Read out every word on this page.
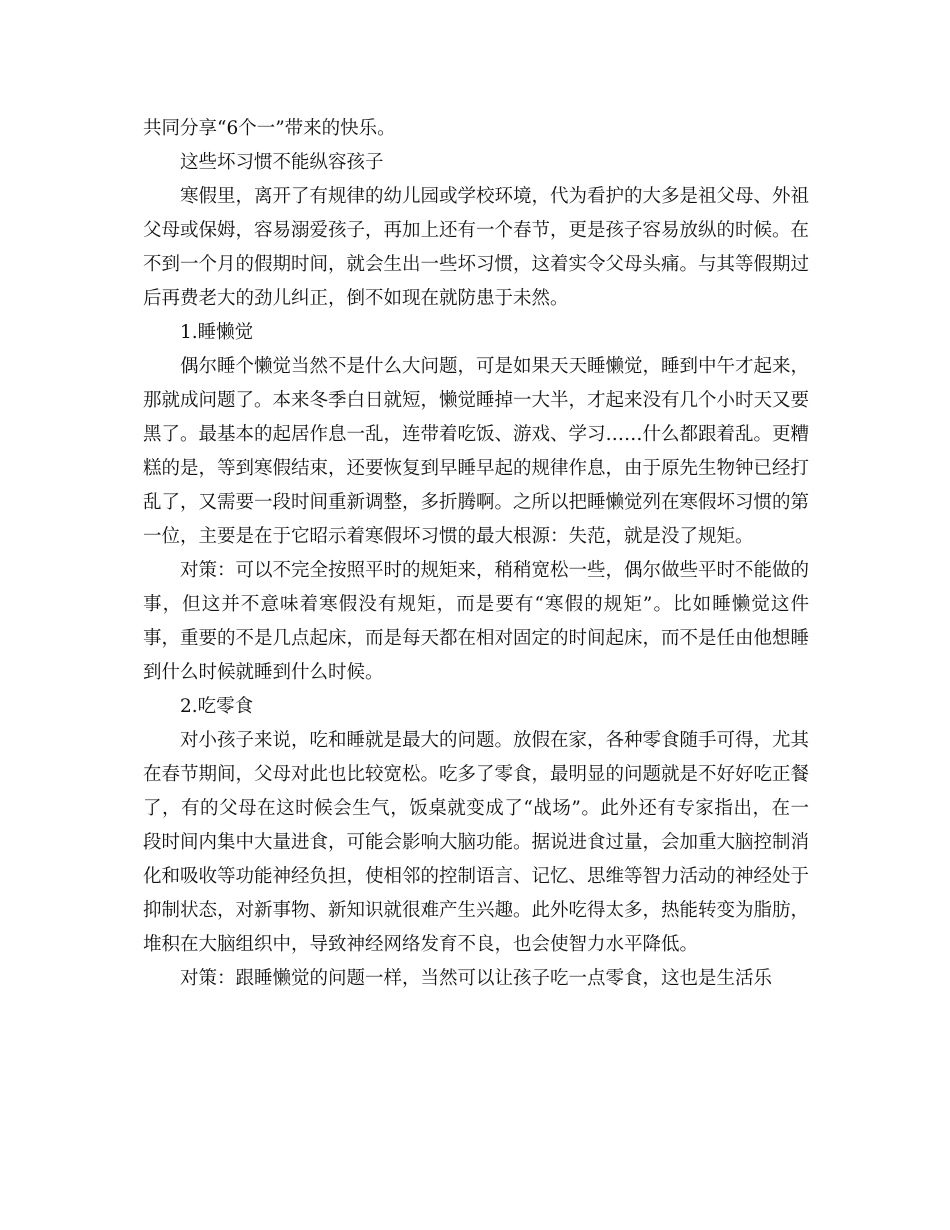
共同分享“6个一”带来的快乐。

这些坏习惯不能纵容孩子

寒假里，离开了有规律的幼儿园或学校环境，代为看护的大多是祖父母、外祖父母或保姆，容易溺爱孩子，再加上还有一个春节，更是孩子容易放纵的时候。在不到一个月的假期时间，就会生出一些坏习惯，这着实令父母头痛。与其等假期过后再费老大的劲儿纠正，倒不如现在就防患于未然。

1.睡懒觉

偶尔睡个懒觉当然不是什么大问题，可是如果天天睡懒觉，睡到中午才起来，那就成问题了。本来冬季白日就短，懒觉睡掉一大半，才起来没有几个小时天又要黑了。最基本的起居作息一乱，连带着吃饭、游戏、学习……什么都跟着乱。更糟糕的是，等到寒假结束，还要恢复到早睡早起的规律作息，由于原先生物钟已经打乱了，又需要一段时间重新调整，多折腾啊。之所以把睡懒觉列在寒假坏习惯的第一位，主要是在于它昭示着寒假坏习惯的最大根源：失范，就是没了规矩。

对策：可以不完全按照平时的规矩来，稍稍宽松一些，偶尔做些平时不能做的事，但这并不意味着寒假没有规矩，而是要有“寒假的规矩”。比如睡懒觉这件事，重要的不是几点起床，而是每天都在相对固定的时间起床，而不是任由他想睡到什么时候就睡到什么时候。

2.吃零食

对小孩子来说，吃和睡就是最大的问题。放假在家，各种零食随手可得，尤其在春节期间，父母对此也比较宽松。吃多了零食，最明显的问题就是不好好吃正餐了，有的父母在这时候会生气，饭桌就变成了“战场”。此外还有专家指出，在一段时间内集中大量进食，可能会影响大脑功能。据说进食过量，会加重大脑控制消化和吸收等功能神经负担，使相邻的控制语言、记忆、思维等智力活动的神经处于抑制状态，对新事物、新知识就很难产生兴趣。此外吃得太多，热能转变为脂肪，堆积在大脑组织中，导致神经网络发育不良，也会使智力水平降低。

对策：跟睡懒觉的问题一样，当然可以让孩子吃一点零食，这也是生活乐
